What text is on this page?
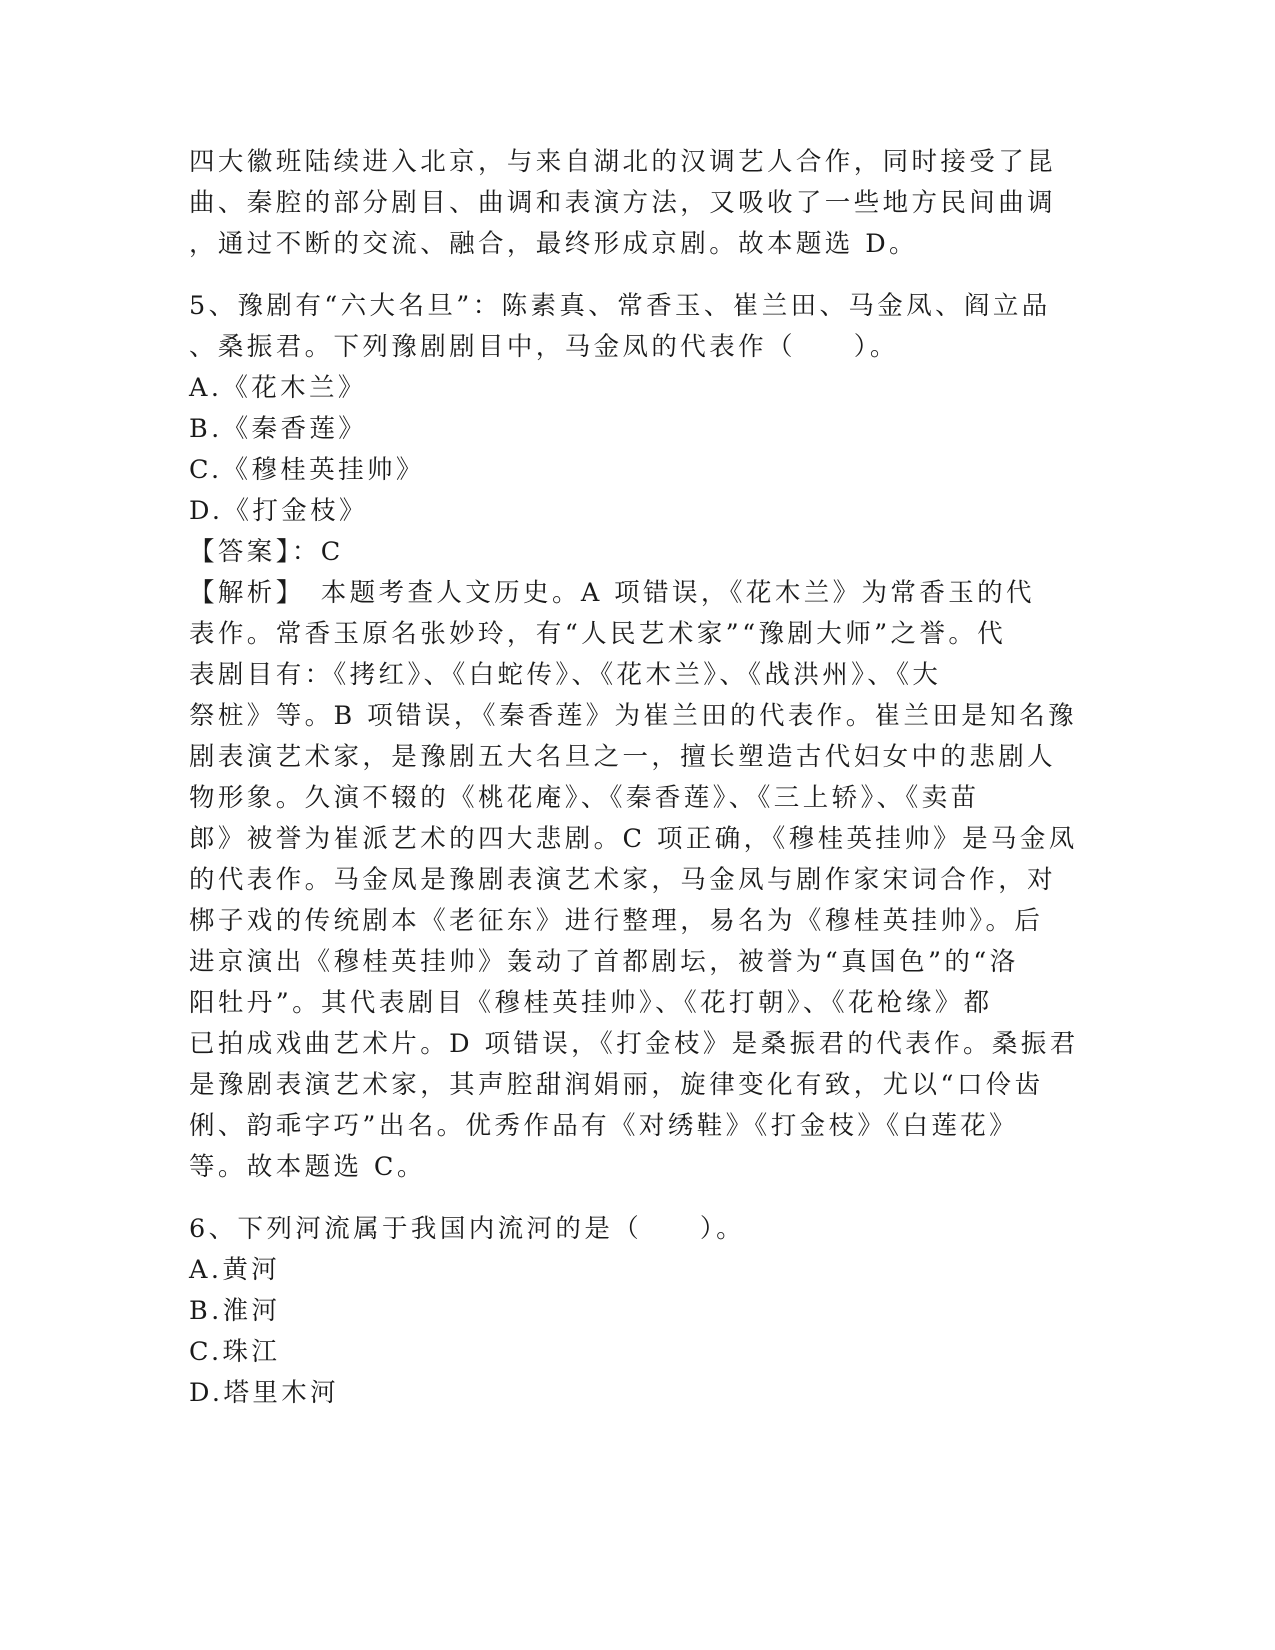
四大徽班陆续进入北京，与来自湖北的汉调艺人合作，同时接受了昆
曲、秦腔的部分剧目、曲调和表演方法，又吸收了一些地方民间曲调
，通过不断的交流、融合，最终形成京剧。故本题选 D。
5、豫剧有“六大名旦”：陈素真、常香玉、崔兰田、马金凤、阎立品
、桑振君。下列豫剧剧目中，马金凤的代表作（　　）。
A.《花木兰》
B.《秦香莲》
C.《穆桂英挂帅》
D.《打金枝》
【答案】：C
【解析】　本题考查人文历史。A 项错误，《花木兰》为常香玉的代
表作。常香玉原名张妙玲，有“人民艺术家”“豫剧大师”之誉。代
表剧目有：《拷红》、《白蛇传》、《花木兰》、《战洪州》、《大
祭桩》等。B 项错误，《秦香莲》为崔兰田的代表作。崔兰田是知名豫
剧表演艺术家，是豫剧五大名旦之一，擅长塑造古代妇女中的悲剧人
物形象。久演不辍的《桃花庵》、《秦香莲》、《三上轿》、《卖苗
郎》被誉为崔派艺术的四大悲剧。C 项正确，《穆桂英挂帅》是马金凤
的代表作。马金凤是豫剧表演艺术家，马金凤与剧作家宋词合作，对
梆子戏的传统剧本《老征东》进行整理，易名为《穆桂英挂帅》。后
进京演出《穆桂英挂帅》轰动了首都剧坛，被誉为“真国色”的“洛
阳牡丹”。其代表剧目《穆桂英挂帅》、《花打朝》、《花枪缘》都
已拍成戏曲艺术片。D 项错误，《打金枝》是桑振君的代表作。桑振君
是豫剧表演艺术家，其声腔甜润娟丽，旋律变化有致，尤以“口伶齿
俐、韵乖字巧”出名。优秀作品有《对绣鞋》《打金枝》《白莲花》
等。故本题选 C。
6、下列河流属于我国内流河的是（　　）。
A.黄河
B.淮河
C.珠江
D.塔里木河
